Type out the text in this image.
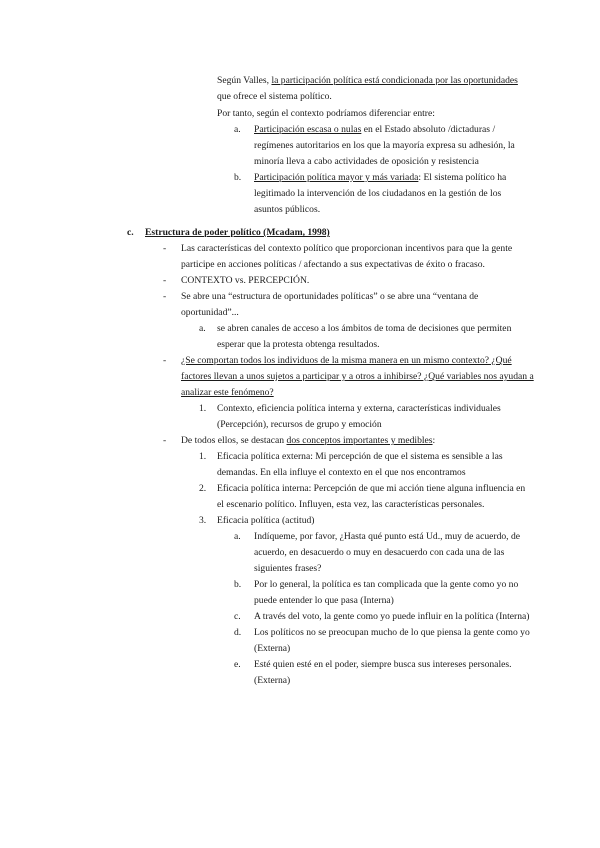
Según Valles, la participación política está condicionada por las oportunidades
que ofrece el sistema político.
Por tanto, según el contexto podríamos diferenciar entre:
a. Participación escasa o nulas en el Estado absoluto /dictaduras /
regímenes autoritarios en los que la mayoría expresa su adhesión, la
minoría lleva a cabo actividades de oposición y resistencia
b. Participación política mayor y más variada: El sistema político ha
legitimado la intervención de los ciudadanos en la gestión de los
asuntos públicos.
c. Estructura de poder político (Mcadam, 1998)
- Las características del contexto político que proporcionan incentivos para que la gente
participe en acciones políticas / afectando a sus expectativas de éxito o fracaso.
- CONTEXTO vs. PERCEPCIÓN.
- Se abre una “estructura de oportunidades políticas” o se abre una “ventana de
oportunidad”...
a. se abren canales de acceso a los ámbitos de toma de decisiones que permiten
esperar que la protesta obtenga resultados.
- ¿Se comportan todos los individuos de la misma manera en un mismo contexto? ¿Qué
factores llevan a unos sujetos a participar y a otros a inhibirse? ¿Qué variables nos ayudan a
analizar este fenómeno?
1. Contexto, eficiencia política interna y externa, características individuales
(Percepción), recursos de grupo y emoción
- De todos ellos, se destacan dos conceptos importantes y medibles:
1. Eficacia política externa: Mi percepción de que el sistema es sensible a las
demandas. En ella influye el contexto en el que nos encontramos
2. Eficacia política interna: Percepción de que mi acción tiene alguna influencia en
el escenario político. Influyen, esta vez, las características personales.
3. Eficacia política (actitud)
a. Indíqueme, por favor, ¿Hasta qué punto está Ud., muy de acuerdo, de
acuerdo, en desacuerdo o muy en desacuerdo con cada una de las
siguientes frases?
b. Por lo general, la política es tan complicada que la gente como yo no
puede entender lo que pasa (Interna)
c. A través del voto, la gente como yo puede influir en la política (Interna)
d. Los políticos no se preocupan mucho de lo que piensa la gente como yo
(Externa)
e. Esté quien esté en el poder, siempre busca sus intereses personales.
(Externa)
